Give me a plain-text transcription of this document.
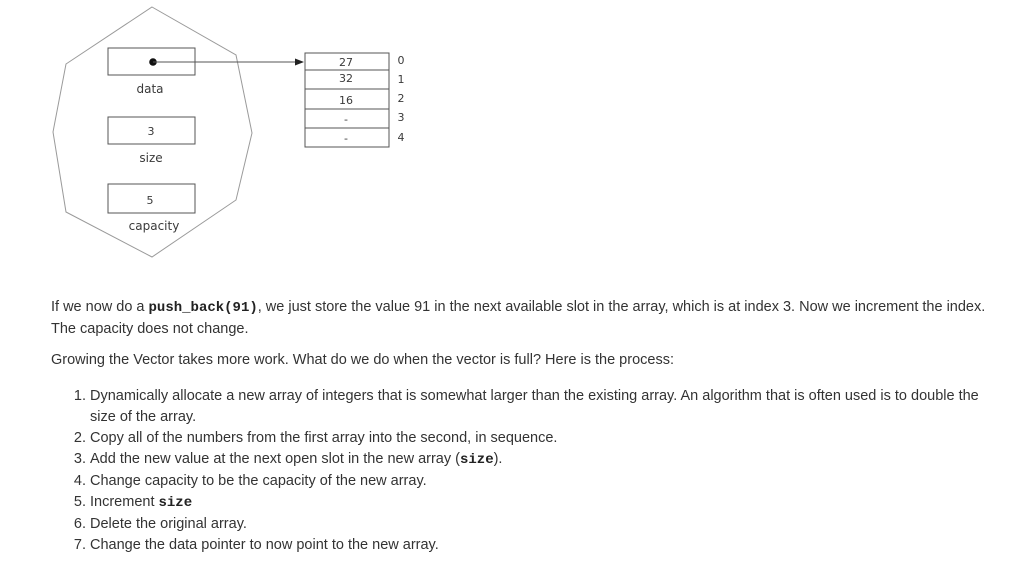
data
3
size
5
capacity
27
32
16
-
-
0
1
2
3
4

If we now do a push_back(91), we just store the value 91 in the next available slot in the array, which is at index 3. Now we increment the index. The capacity does not change.

Growing the Vector takes more work. What do we do when the vector is full? Here is the process:

1. Dynamically allocate a new array of integers that is somewhat larger than the existing array. An algorithm that is often used is to double the size of the array.
2. Copy all of the numbers from the first array into the second, in sequence.
3. Add the new value at the next open slot in the new array (size).
4. Change capacity to be the capacity of the new array.
5. Increment size
6. Delete the original array.
7. Change the data pointer to now point to the new array.
